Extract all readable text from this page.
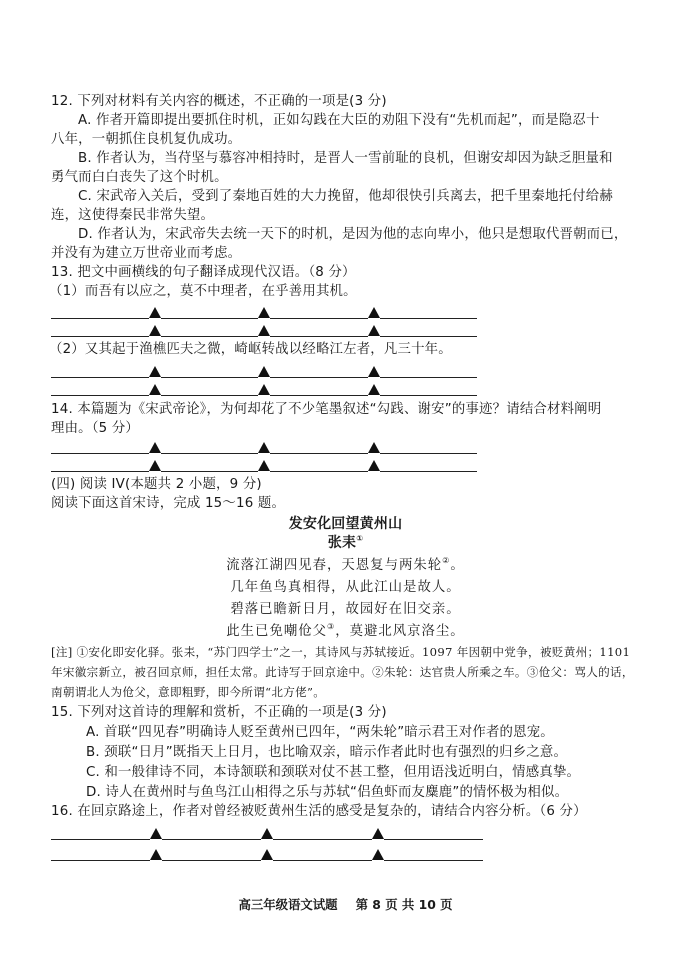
12. 下列对材料有关内容的概述，不正确的一项是(3 分)
A. 作者开篇即提出要抓住时机，正如勾践在大臣的劝阻下没有“先机而起”，而是隐忍十
八年，一朝抓住良机复仇成功。
B. 作者认为，当苻坚与慕容冲相持时，是晋人一雪前耻的良机，但谢安却因为缺乏胆量和
勇气而白白丧失了这个时机。
C. 宋武帝入关后，受到了秦地百姓的大力挽留，他却很快引兵离去，把千里秦地托付给赫
连，这使得秦民非常失望。
D. 作者认为，宋武帝失去统一天下的时机，是因为他的志向卑小，他只是想取代晋朝而已，
并没有为建立万世帝业而考虑。
13. 把文中画横线的句子翻译成现代汉语。（8 分）
（1）而吾有以应之，莫不中理者，在乎善用其机。
（2）又其起于渔樵匹夫之微，崎岖转战以经略江左者，凡三十年。
14. 本篇题为《宋武帝论》，为何却花了不少笔墨叙述“勾践、谢安”的事迹？请结合材料阐明
理由。（5 分）
(四) 阅读 IV(本题共 2 小题，9 分)
阅读下面这首宋诗，完成 15～16 题。
发安化回望黄州山
张耒①
流落江湖四见春，天恩复与两朱轮②。
几年鱼鸟真相得，从此江山是故人。
碧落已瞻新日月，故园好在旧交亲。
此生已免嘲伧父③，莫避北风京洛尘。
[注] ①安化即安化驿。张耒，“苏门四学士”之一，其诗风与苏轼接近。1097 年因朝中党争，被贬黄州；1101
年宋徽宗新立，被召回京师，担任太常。此诗写于回京途中。②朱轮：达官贵人所乘之车。③伧父：骂人的话，
南朝谓北人为伧父，意即粗野，即今所谓“北方佬”。
15. 下列对这首诗的理解和赏析，不正确的一项是(3 分)
A. 首联“四见春”明确诗人贬至黄州已四年，“两朱轮”暗示君王对作者的恩宠。
B. 颈联“日月”既指天上日月，也比喻双亲，暗示作者此时也有强烈的归乡之意。
C. 和一般律诗不同，本诗颔联和颈联对仗不甚工整，但用语浅近明白，情感真挚。
D. 诗人在黄州时与鱼鸟江山相得之乐与苏轼“侣鱼虾而友麋鹿”的情怀极为相似。
16. 在回京路途上，作者对曾经被贬黄州生活的感受是复杂的，请结合内容分析。（6 分）
高三年级语文试题 第 8 页 共 10 页
